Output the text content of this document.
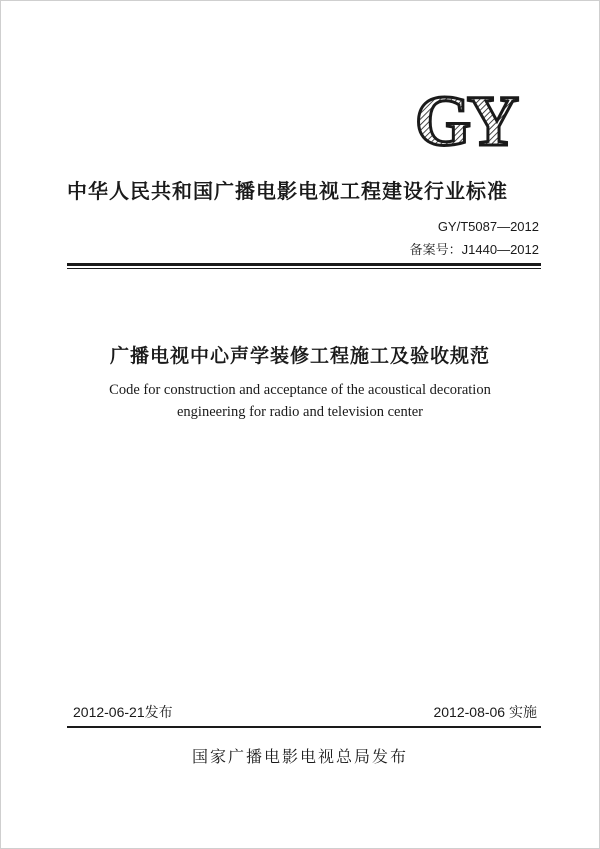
GY
中华人民共和国广播电影电视工程建设行业标准
GY/T5087—2012
备案号：J1440—2012
广播电视中心声学装修工程施工及验收规范
Code for construction and acceptance of the acoustical decoration
engineering for radio and television center
2012-06-21发布	2012-08-06 实施
国家广播电影电视总局发布
